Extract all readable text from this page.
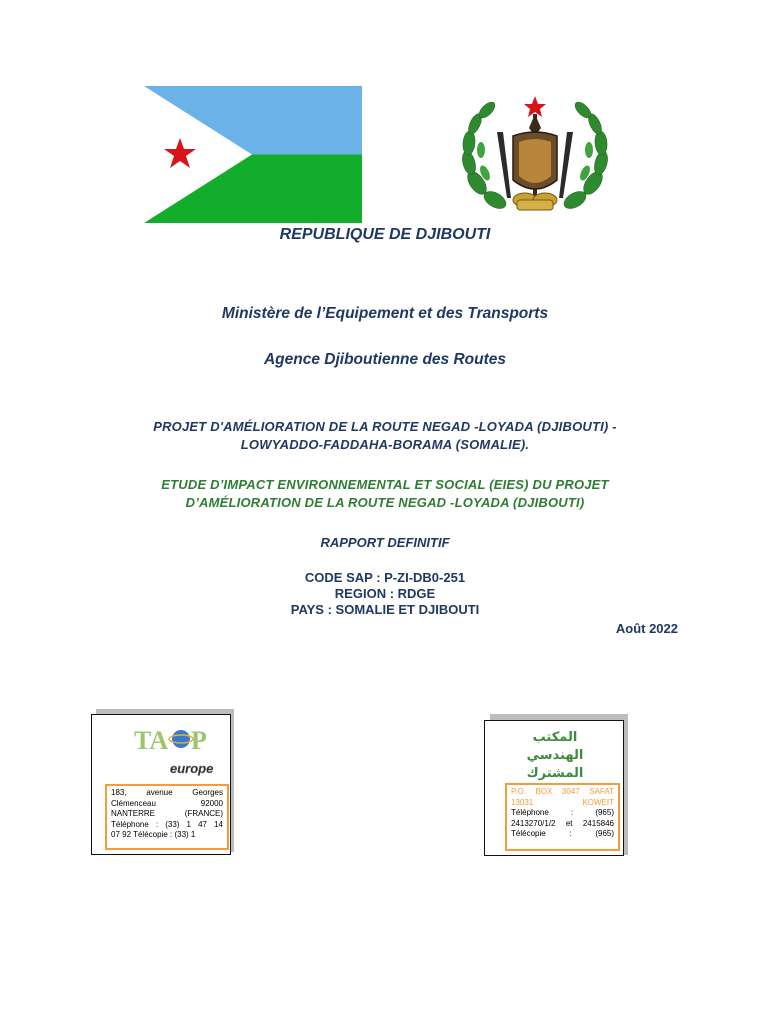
REPUBLIQUE DE DJIBOUTI
Ministère de l’Equipement et des Transports
Agence Djiboutienne des Routes
PROJET D'AMÉLIORATION DE LA ROUTE NEGAD -LOYADA (DJIBOUTI) -
LOWYADDO-FADDAHA-BORAMA (SOMALIE).
ETUDE D’IMPACT ENVIRONNEMENTAL ET SOCIAL (EIES) DU PROJET
D’AMÉLIORATION DE LA ROUTE NEGAD -LOYADA (DJIBOUTI)
RAPPORT DEFINITIF
CODE SAP : P-ZI-DB0-251
REGION : RDGE
PAYS : SOMALIE ET DJIBOUTI
Août 2022
TA P
europe
183, avenue Georges
Clémenceau 92000
NANTERRE (FRANCE)
Téléphone : (33) 1 47 14
07 92 Télécopie : (33) 1
المكتب
الهندسي
المشترك
P.O. BOX 3047 SAFAT
13031 KOWEIT
Téléphone : (965)
2413270/1/2 et 2415846
Télécopie : (965)
